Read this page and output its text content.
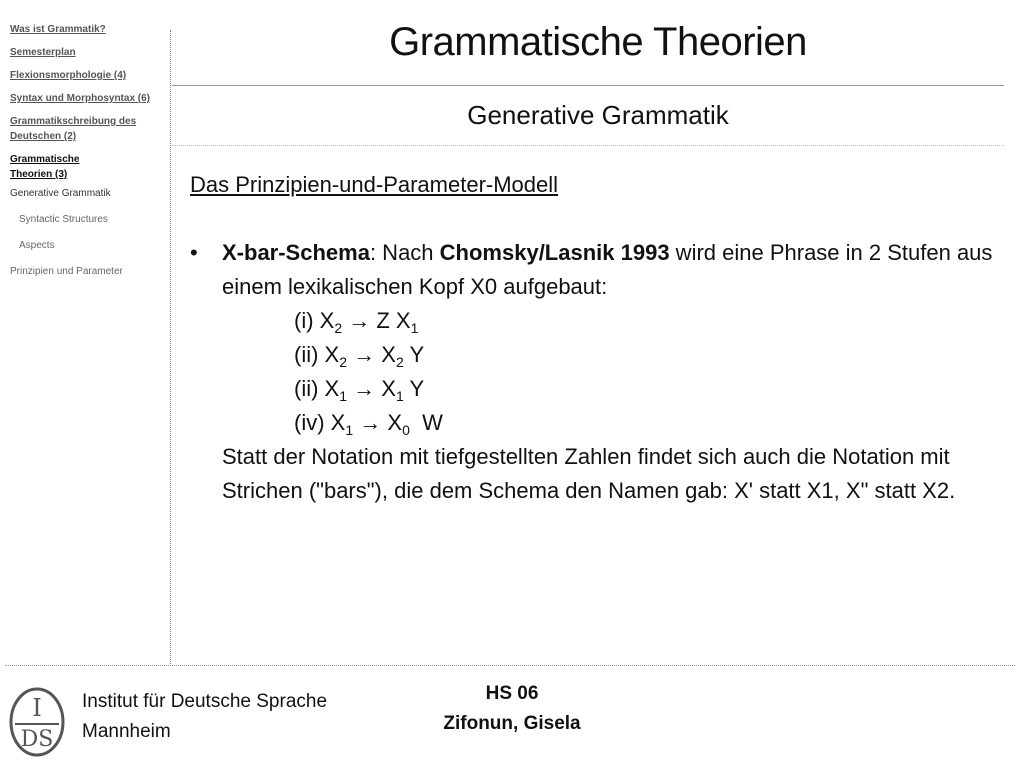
Was ist Grammatik?
Semesterplan
Flexionsmorphologie (4)
Syntax und Morphosyntax (6)
Grammatikschreibung des
Deutschen (2)
Grammatische
Theorien (3)
Generative Grammatik
Syntactic Structures
Aspects
Prinzipien und Parameter
Grammatische Theorien
Generative Grammatik
Das Prinzipien-und-Parameter-Modell
•	X-bar-Schema: Nach Chomsky/Lasnik 1993 wird eine Phrase in 2 Stufen aus einem lexikalischen Kopf X0 aufgebaut:
(i) $X_2 \to Z$ $X_1$
(ii) $X_2 \to X_2$ Y
(ii) $X_1 \to X_1$ Y
(iv) $X_1 \to X_0$ W
Statt der Notation mit tiefgestellten Zahlen findet sich auch die Notation mit Strichen ("bars"), die dem Schema den Namen gab: X' statt X1, X" statt X2.
I
DS
Institut für Deutsche Sprache
Mannheim
HS 06
Zifonun, Gisela
